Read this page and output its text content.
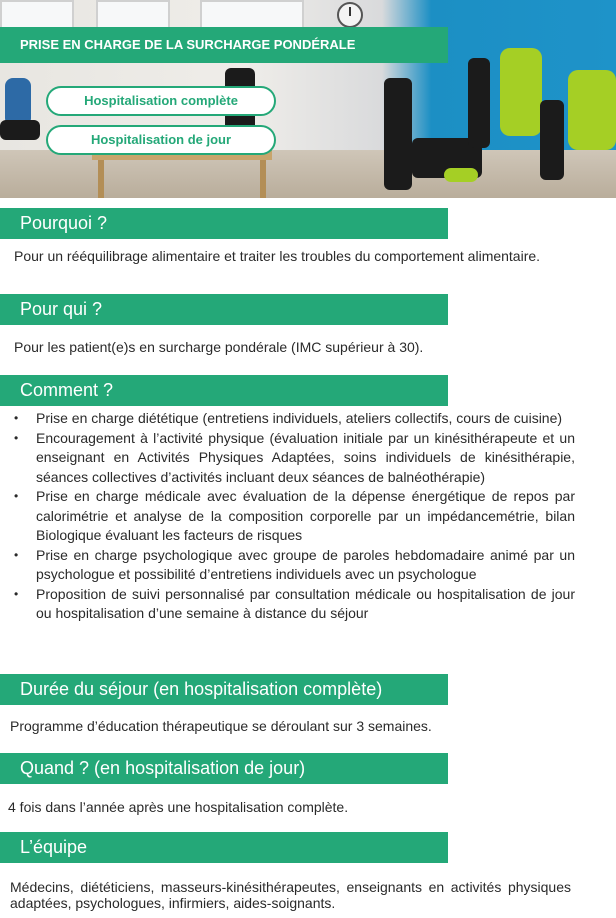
PRISE EN CHARGE DE LA SURCHARGE PONDÉRALE
Hospitalisation complète
Hospitalisation de jour
Pourquoi ?
Pour un rééquilibrage alimentaire et traiter les troubles du comportement alimentaire.
Pour qui ?
Pour les patient(e)s en surcharge pondérale (IMC supérieur à 30).
Comment ?
• Prise en charge diététique (entretiens individuels, ateliers collectifs, cours de cuisine)
• Encouragement à l’activité physique (évaluation initiale par un kinésithérapeute et un enseignant en Activités Physiques Adaptées, soins individuels de kinésithérapie, séances collectives d’activités incluant deux séances de balnéothérapie)
• Prise en charge médicale avec évaluation de la dépense énergétique de repos par calorimétrie et analyse de la composition corporelle par un impédancemétrie, bilan Biologique évaluant les facteurs de risques
• Prise en charge psychologique avec groupe de paroles hebdomadaire animé par un psychologue et possibilité d’entretiens individuels avec un psychologue
• Proposition de suivi personnalisé par consultation médicale ou hospitalisation de jour ou hospitalisation d’une semaine à distance du séjour
Durée du séjour (en hospitalisation complète)
Programme d’éducation thérapeutique se déroulant sur 3 semaines.
Quand ? (en hospitalisation de jour)
4 fois dans l’année après une hospitalisation complète.
L’équipe
Médecins, diététiciens, masseurs-kinésithérapeutes, enseignants en activités physiques adaptées, psychologues, infirmiers, aides-soignants.
